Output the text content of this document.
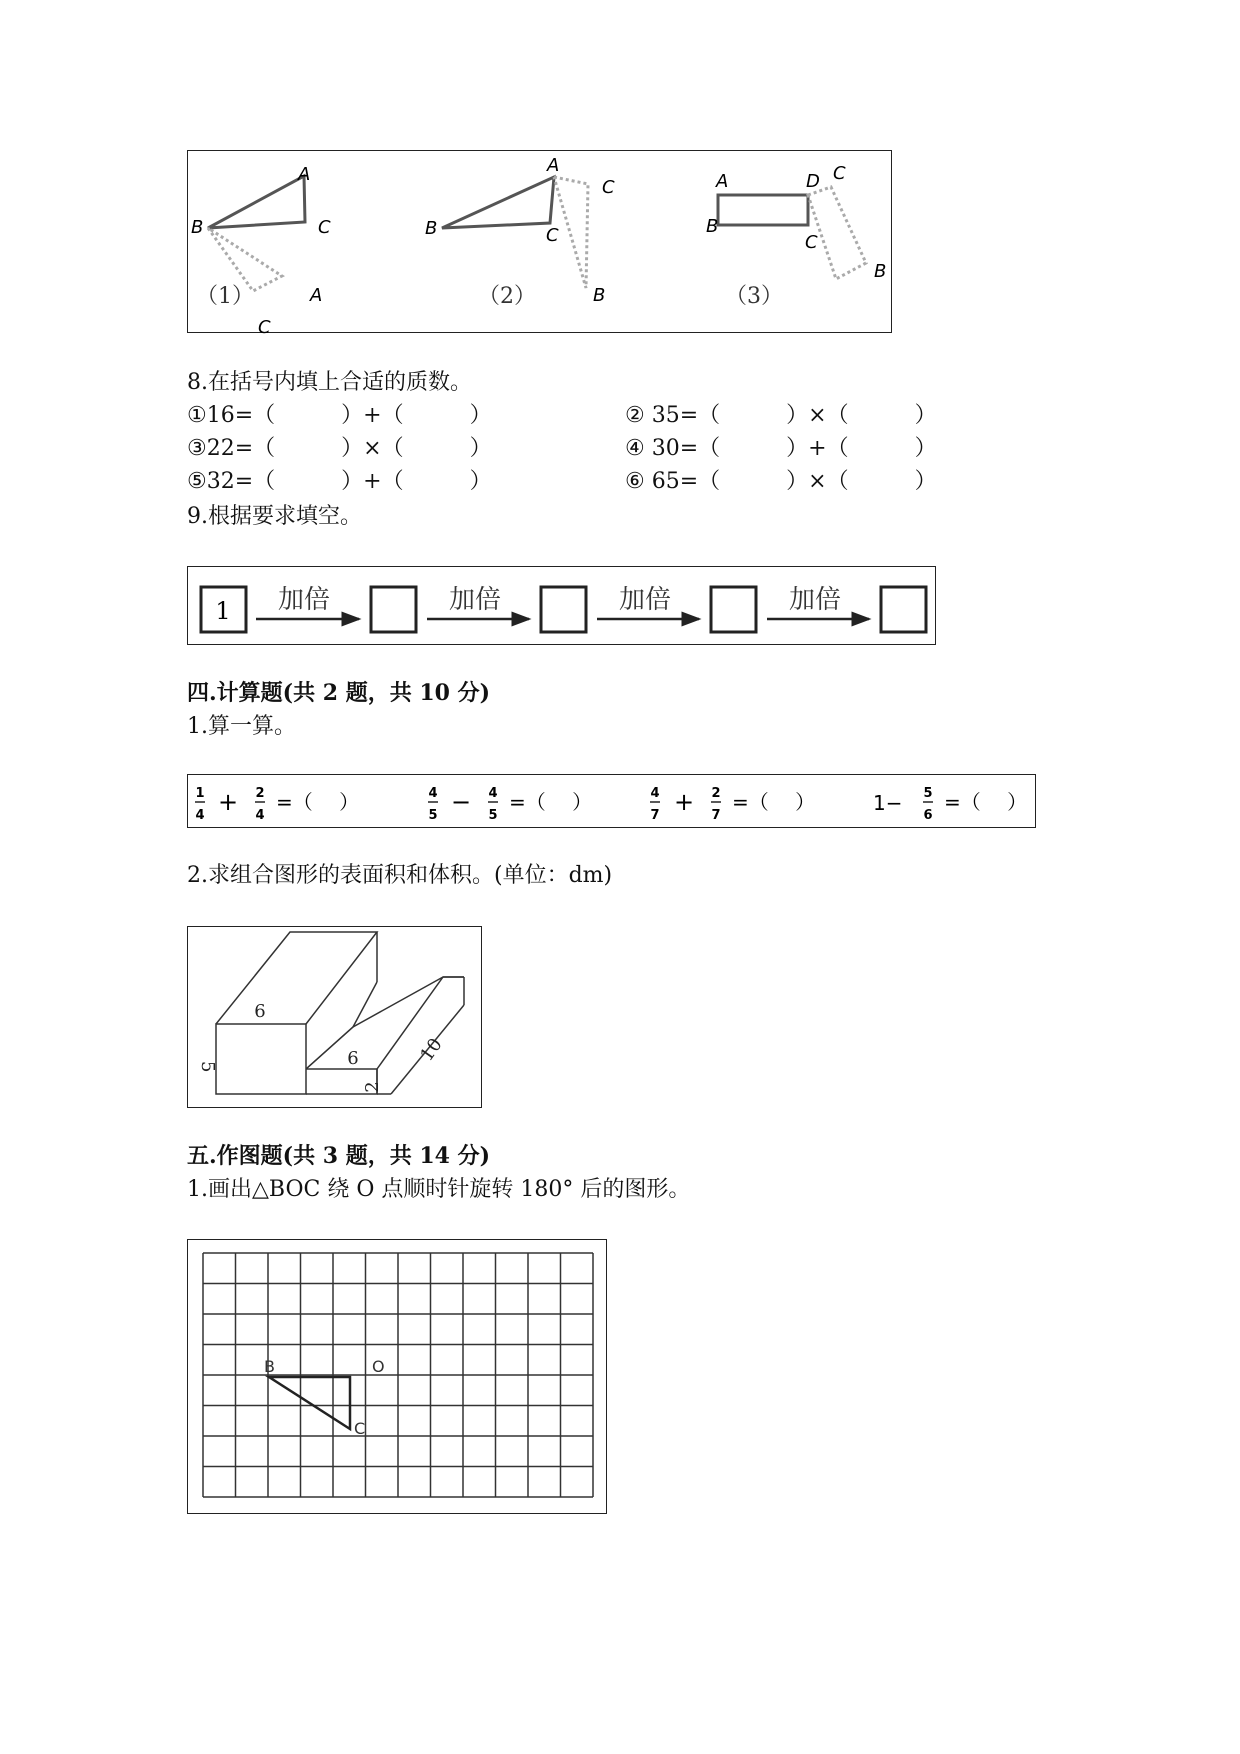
A
B	C
A
C
（1）
A
B	C
C
B
（2）
A
B
D
C
C
B
（3）
8.在括号内填上合适的质数。
①16=（　　　）+（　　　）	② 35=（　　　）×（　　　）
③22=（　　　）×（　　　）	④ 30=（　　　）+（　　　）
⑤32=（　　　）+（　　　）	⑥ 65=（　　　）×（　　　）
9.根据要求填空。
1 加倍	加倍	加倍	加倍
四.计算题(共 2 题，共 10 分)
1.算一算。
1
4 + 2
4
=（　 ）	4
5 − 4
5
=（　 ）	4
7 + 2
7
=（　 ）	1− 5
6
=（　 ）
2.求组合图形的表面积和体积。(单位：dm)
6
5	6
2
10
五.作图题(共 3 题，共 14 分)
1.画出△BOC 绕 O 点顺时针旋转 180° 后的图形。
B	O
C
